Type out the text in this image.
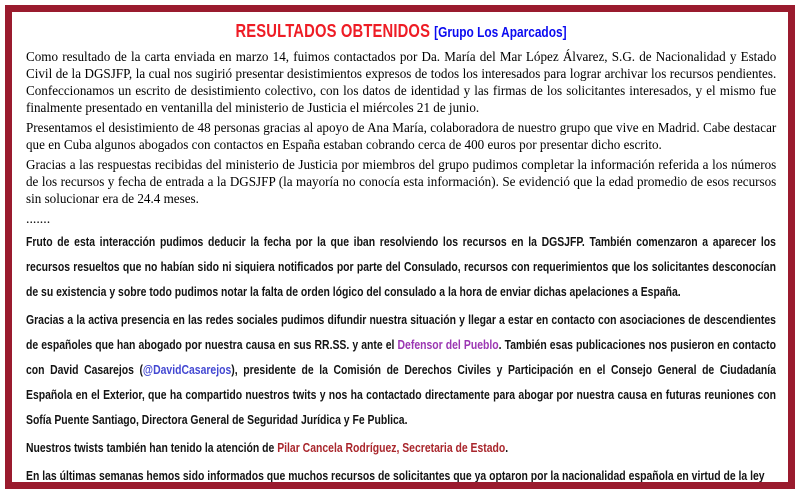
RESULTADOS OBTENIDOS [Grupo Los Aparcados]

Como resultado de la carta enviada en marzo 14, fuimos contactados por Da. María del Mar López Álvarez, S.G. de Nacionalidad y Estado Civil de la DGSJFP, la cual nos sugirió presentar desistimientos expresos de todos los interesados para lograr archivar los recursos pendientes. Confeccionamos un escrito de desistimiento colectivo, con los datos de identidad y las firmas de los solicitantes interesados, y el mismo fue finalmente presentado en ventanilla del ministerio de Justicia el miércoles 21 de junio.

Presentamos el desistimiento de 48 personas gracias al apoyo de Ana María, colaboradora de nuestro grupo que vive en Madrid. Cabe destacar que en Cuba algunos abogados con contactos en España estaban cobrando cerca de 400 euros por presentar dicho escrito.

Gracias a las respuestas recibidas del ministerio de Justicia por miembros del grupo pudimos completar la información referida a los números de los recursos y fecha de entrada a la DGSJFP (la mayoría no conocía esta información). Se evidenció que la edad promedio de esos recursos sin solucionar era de 24.4 meses.

.......

Fruto de esta interacción pudimos deducir la fecha por la que iban resolviendo los recursos en la DGSJFP. También comenzaron a aparecer los recursos resueltos que no habían sido ni siquiera notificados por parte del Consulado, recursos con requerimientos que los solicitantes desconocían de su existencia y sobre todo pudimos notar la falta de orden lógico del consulado a la hora de enviar dichas apelaciones a España.

Gracias a la activa presencia en las redes sociales pudimos difundir nuestra situación y llegar a estar en contacto con asociaciones de descendientes de españoles que han abogado por nuestra causa en sus RR.SS. y ante el Defensor del Pueblo. También esas publicaciones nos pusieron en contacto con David Casarejos (@DavidCasarejos), presidente de la Comisión de Derechos Civiles y Participación en el Consejo General de Ciudadanía Española en el Exterior, que ha compartido nuestros twits y nos ha contactado directamente para abogar por nuestra causa en futuras reuniones con Sofía Puente Santiago, Directora General de Seguridad Jurídica y Fe Publica.

Nuestros twists también han tenido la atención de Pilar Cancela Rodríguez, Secretaria de Estado.

En las últimas semanas hemos sido informados que muchos recursos de solicitantes que ya optaron por la nacionalidad española en virtud de la ley
